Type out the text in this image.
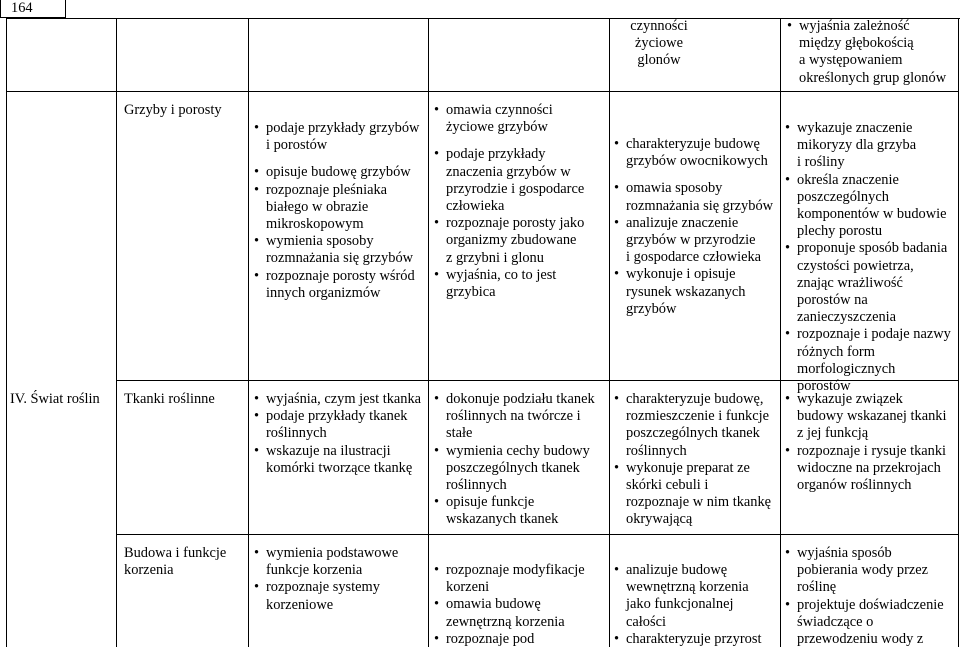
164
czynności życiowe
glonów
• wyjaśnia zależność
między głębokością
a występowaniem
określonych grup glonów
IV. Świat roślin
Grzyby i porosty
Tkanki roślinne
Budowa i funkcje korzenia
• podaje przykłady grzybów
i porostów
• opisuje budowę grzybów
• rozpoznaje pleśniaka
białego w obrazie
mikroskopowym
• wymienia sposoby
rozmnażania się grzybów
• rozpoznaje porosty wśród
innych organizmów
• omawia czynności
życiowe grzybów
• podaje przykłady
znaczenia grzybów w
przyrodzie i gospodarce
człowieka
• rozpoznaje porosty jako
organizmy zbudowane
z grzybni i glonu
• wyjaśnia, co to jest
grzybica
• charakteryzuje budowę
grzybów owocnikowych
• omawia sposoby
rozmnażania się grzybów
• analizuje znaczenie
grzybów w przyrodzie
i gospodarce człowieka
• wykonuje i opisuje
rysunek wskazanych
grzybów
• wykazuje znaczenie
mikoryzy dla grzyba
i rośliny
• określa znaczenie
poszczególnych
komponentów w budowie
plechy porostu
• proponuje sposób badania
czystości powietrza,
znając wrażliwość
porostów na
zanieczyszczenia
• rozpoznaje i podaje nazwy
różnych form
morfologicznych
porostów
• wyjaśnia, czym jest tkanka
• podaje przykłady tkanek
roślinnych
• wskazuje na ilustracji
komórki tworzące tkankę
• dokonuje podziału tkanek
roślinnych na twórcze i
stałe
• wymienia cechy budowy
poszczególnych tkanek
roślinnych
• opisuje funkcje
wskazanych tkanek
• charakteryzuje budowę,
rozmieszczenie i funkcje
poszczególnych tkanek
roślinnych
• wykonuje preparat ze
skórki cebuli i
rozpoznaje w nim tkankę
okrywającą
• wykazuje związek
budowy wskazanej tkanki
z jej funkcją
• rozpoznaje i rysuje tkanki
widoczne na przekrojach
organów roślinnych
• wymienia podstawowe
funkcje korzenia
• rozpoznaje systemy
korzeniowe
• rozpoznaje modyfikacje
korzeni
• omawia budowę
zewnętrzną korzenia
• rozpoznaje pod
• analizuje budowę
wewnętrzną korzenia
jako funkcjonalnej
całości
• charakteryzuje przyrost
• wyjaśnia sposób
pobierania wody przez
roślinę
• projektuje doświadczenie
świadczące o
przewodzeniu wody z
